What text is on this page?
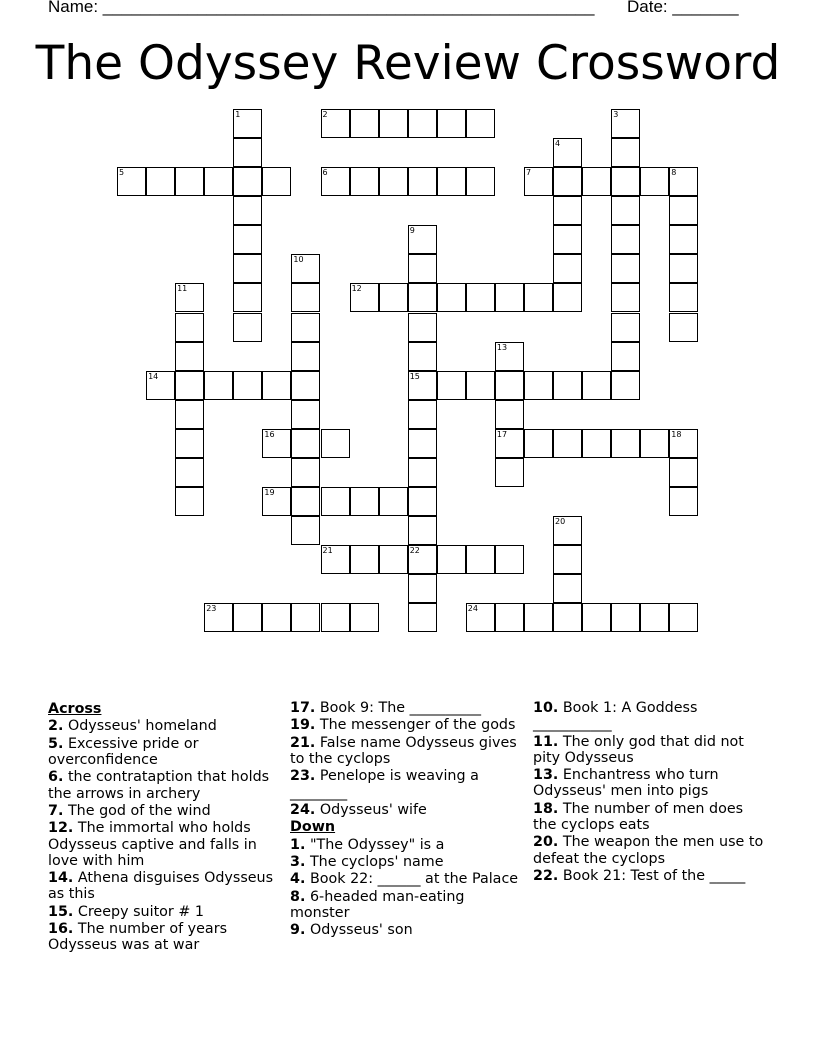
Name: ____________________________________________________ Date: _______
The Odyssey Review Crossword
1	2	3
4
5	6	7	8
9
15
22
10
11	12
13
17
14
16	18
19
20
21
23	24
Across
2. Odysseus' homeland
5. Excessive pride or overconfidence
6. the contrataption that holds the arrows in archery
7. The god of the wind
12. The immortal who holds Odysseus captive and falls in love with him
14. Athena disguises Odysseus as this
15. Creepy suitor # 1
16. The number of years Odysseus was at war
17. Book 9: The __________
19. The messenger of the gods
21. False name Odysseus gives to the cyclops
23. Penelope is weaving a ________
24. Odysseus' wife
Down
1. "The Odyssey" is a
3. The cyclops' name
4. Book 22: ______ at the Palace
8. 6-headed man-eating monster
9. Odysseus' son
10. Book 1: A Goddess ___________
11. The only god that did not pity Odysseus
13. Enchantress who turn Odysseus' men into pigs
18. The number of men does the cyclops eats
20. The weapon the men use to defeat the cyclops
22. Book 21: Test of the _____
